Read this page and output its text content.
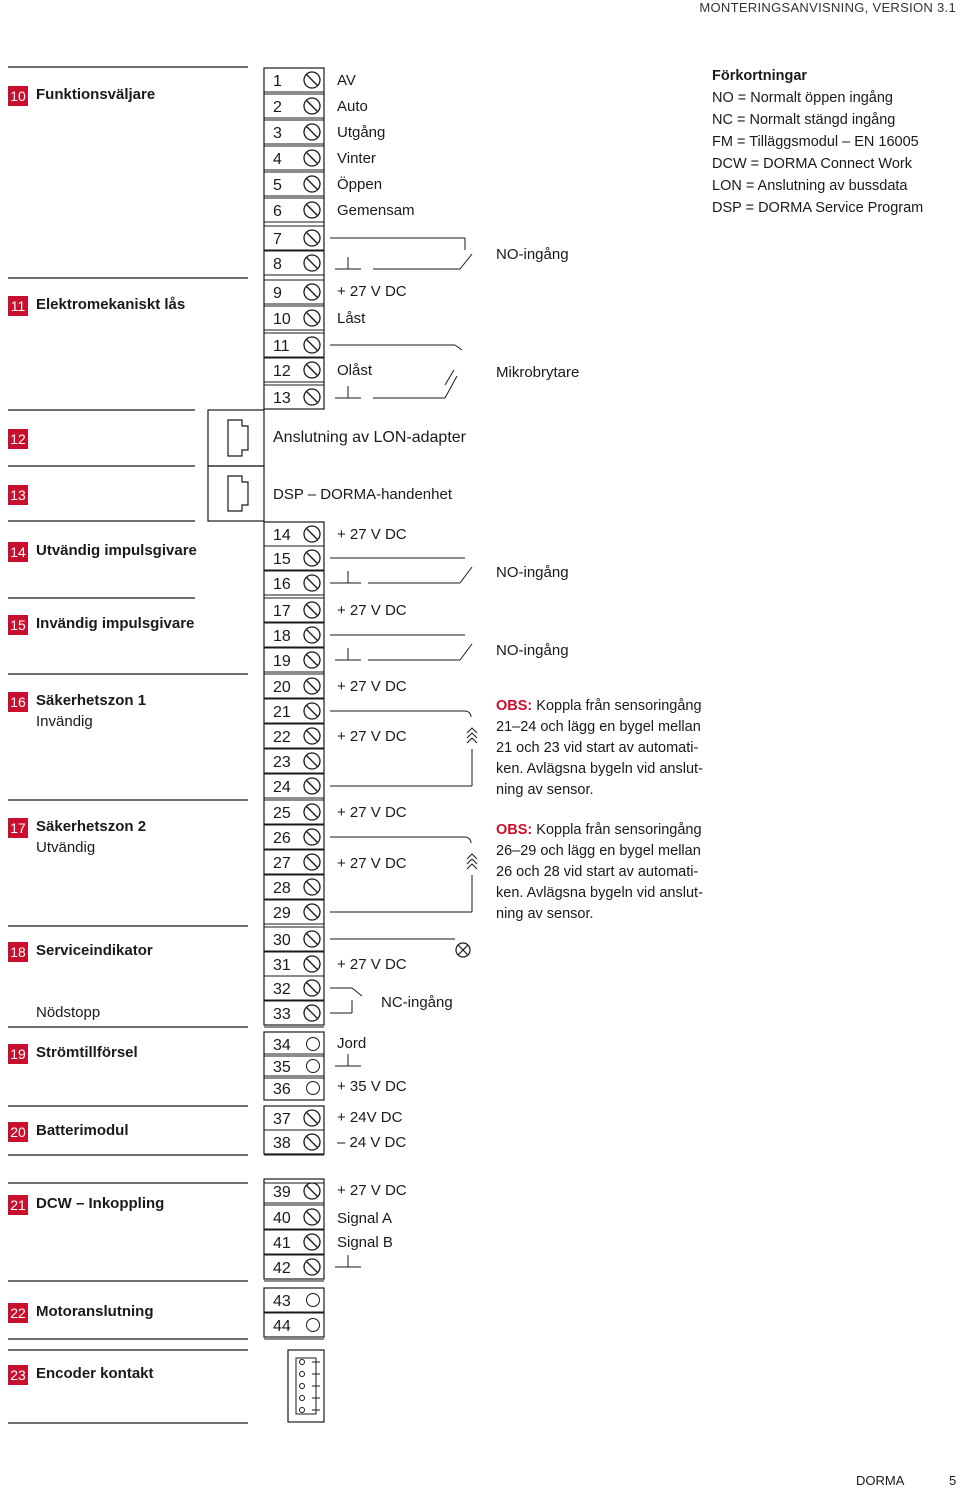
MONTERINGSANVISNING, VERSION 3.1
DORMA	5
Förkortningar
NO = Normalt öppen ingång
NC = Normalt stängd ingång
FM = Tilläggsmodul – EN 16005
DCW = DORMA Connect Work
LON = Anslutning av bussdata
DSP = DORMA Service Program
1
2
3
4
5
6
7
8
9
10
11
12
13
14
15
16
17
18
19
20
21
22
23
24
25
26
27
28
29
30
31
32
33
34
35
36
37
38
39
40
41
42
43
44
10 Funktionsväljare
11 Elektromekaniskt lås
12
13
14 Utvändig impulsgivare
15 Invändig impulsgivare
16 Säkerhetszon 1
Invändig
17 Säkerhetszon 2
Utvändig
18 Serviceindikator
Nödstopp
19 Strömtillförsel
20 Batterimodul
21 DCW – Inkoppling
22 Motoranslutning
23 Encoder kontakt
AV
Auto
Utgång
Vinter
Öppen
Gemensam
+ 27 V DC
Låst
Olåst
+ 27 V DC
+ 27 V DC
+ 27 V DC
+ 27 V DC
+ 27 V DC
+ 27 V DC
+ 27 V DC
Jord
+ 35 V DC
+ 24V DC
– 24 V DC
+ 27 V DC
Signal A
Signal B
Anslutning av LON-adapter
DSP – DORMA-handenhet
NO-ingång
Mikrobrytare
NO-ingång
NO-ingång
NC-ingång
OBS: Koppla från sensoringång 21–24 och lägg en bygel mellan 21 och 23 vid start av automati-ken. Avlägsna bygeln vid anslut-ning av sensor.
OBS: Koppla från sensoringång 26–29 och lägg en bygel mellan 26 och 28 vid start av automati-ken. Avlägsna bygeln vid anslut-ning av sensor.
